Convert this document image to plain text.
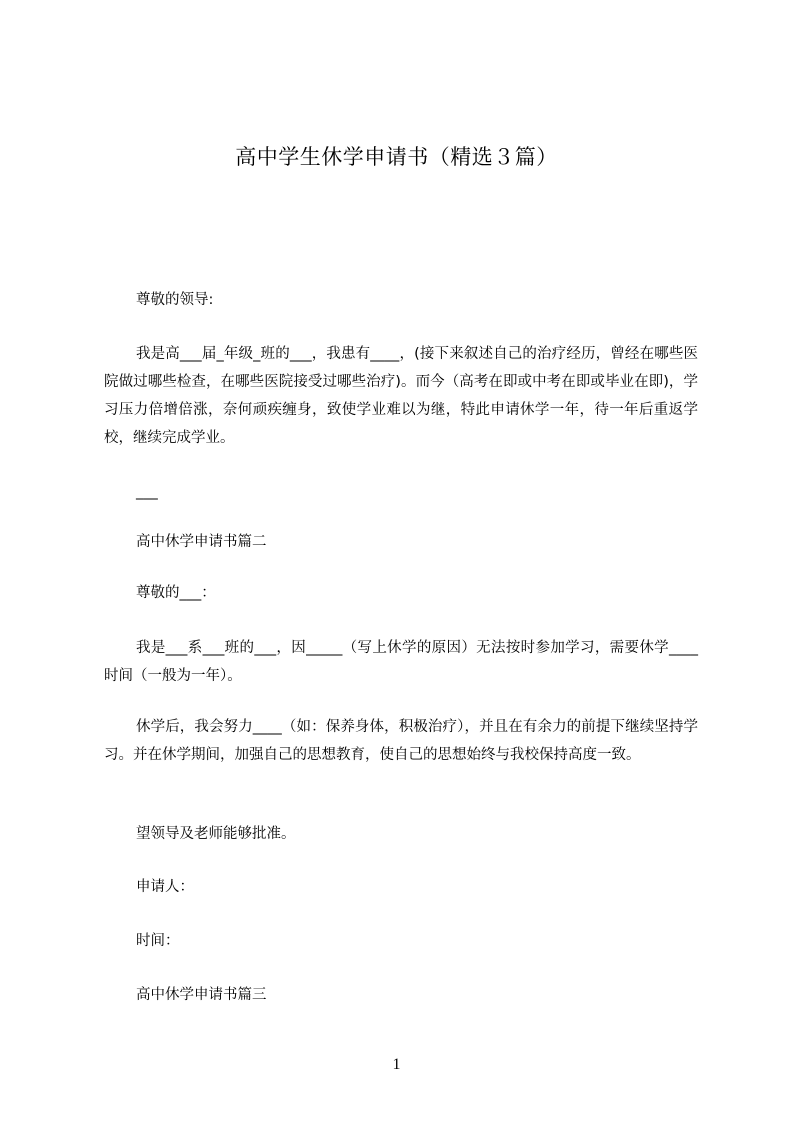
高中学生休学申请书（精选３篇）
尊敬的领导:

我是高___届_年级_班的___，我患有____，(接下来叙述自己的治疗经历，曾经在哪些医院做过哪些检查，在哪些医院接受过哪些治疗)。而今（高考在即或中考在即或毕业在即)，学习压力倍增倍涨，奈何顽疾缠身，致使学业难以为继，特此申请休学一年，待一年后重返学校，继续完成学业。

___
高中休学申请书篇二
尊敬的___：

我是___系___班的___，因_____（写上休学的原因）无法按时参加学习，需要休学____时间（一般为一年）。

休学后，我会努力____（如：保养身体，积极治疗），并且在有余力的前提下继续坚持学习。并在休学期间，加强自己的思想教育，使自己的思想始终与我校保持高度一致。

望领导及老师能够批准。
申请人：
时间：
高中休学申请书篇三
1
